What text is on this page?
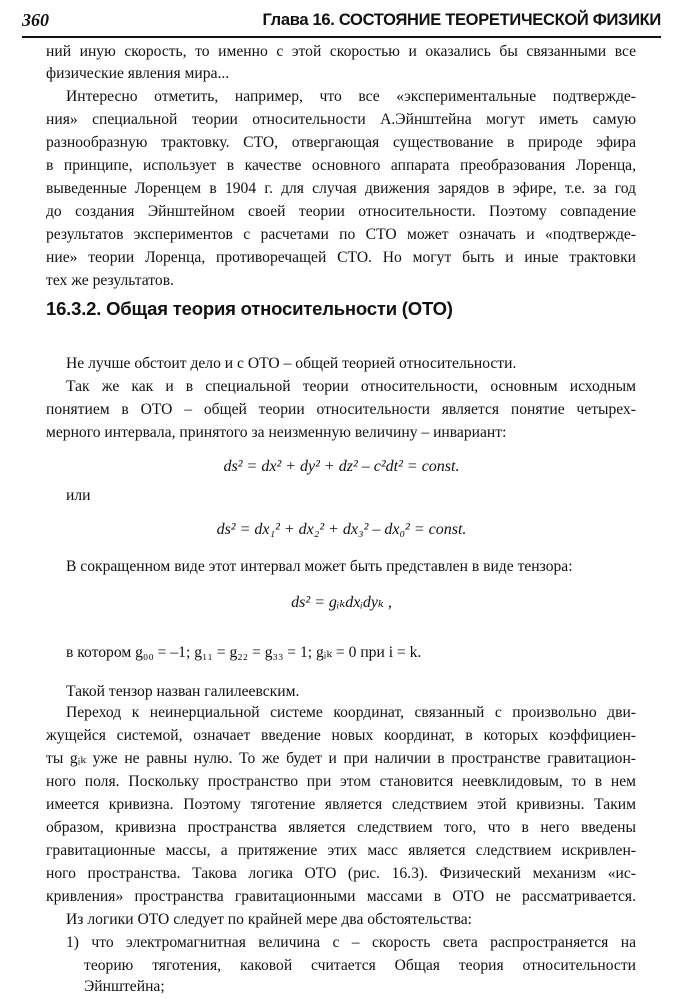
360	Глава 16. СОСТОЯНИЕ ТЕОРЕТИЧЕСКОЙ ФИЗИКИ
ний иную скорость, то именно с этой скоростью и оказались бы связанными все
физические явления мира...
Интересно отметить, например, что все «экспериментальные подтвержде-
ния» специальной теории относительности А.Эйнштейна могут иметь самую
разнообразную трактовку. СТО, отвергающая существование в природе эфира
в принципе, использует в качестве основного аппарата преобразования Лоренца,
выведенные Лоренцем в 1904 г. для случая движения зарядов в эфире, т.е. за год
до создания Эйнштейном своей теории относительности. Поэтому совпадение
результатов экспериментов с расчетами по СТО может означать и «подтвержде-
ние» теории Лоренца, противоречащей СТО. Но могут быть и иные трактовки
тех же результатов.
16.3.2. Общая теория относительности (ОТО)
Не лучше обстоит дело и с ОТО – общей теорией относительности.
Так же как и в специальной теории относительности, основным исходным
понятием в ОТО – общей теории относительности является понятие четырех-
мерного интервала, принятого за неизменную величину – инвариант:
ds² = dx² + dy² + dz² – c²dt² = const.
или
ds² = dx₁² + dx₂² + dx₃² – dx₀² = const.
В сокращенном виде этот интервал может быть представлен в виде тензора:
ds² = gᵢₖdxᵢdyₖ ,
в котором g₀₀ = –1; g₁₁ = g₂₂ = g₃₃ = 1; gᵢₖ = 0 при i = k.
Такой тензор назван галилеевским.
Переход к неинерциальной системе координат, связанный с произвольно дви-
жущейся системой, означает введение новых координат, в которых коэффициен-
ты gᵢₖ уже не равны нулю. То же будет и при наличии в пространстве гравитацион-
ного поля. Поскольку пространство при этом становится неевклидовым, то в нем
имеется кривизна. Поэтому тяготение является следствием этой кривизны. Таким
образом, кривизна пространства является следствием того, что в него введены
гравитационные массы, а притяжение этих масс является следствием искривлен-
ного пространства. Такова логика ОТО (рис. 16.3). Физический механизм «ис-
кривления» пространства гравитационными массами в ОТО не рассматривается.
Из логики ОТО следует по крайней мере два обстоятельства:
1) что электромагнитная величина c – скорость света распространяется на
теорию тяготения, каковой считается Общая теория относительности
Эйнштейна;
